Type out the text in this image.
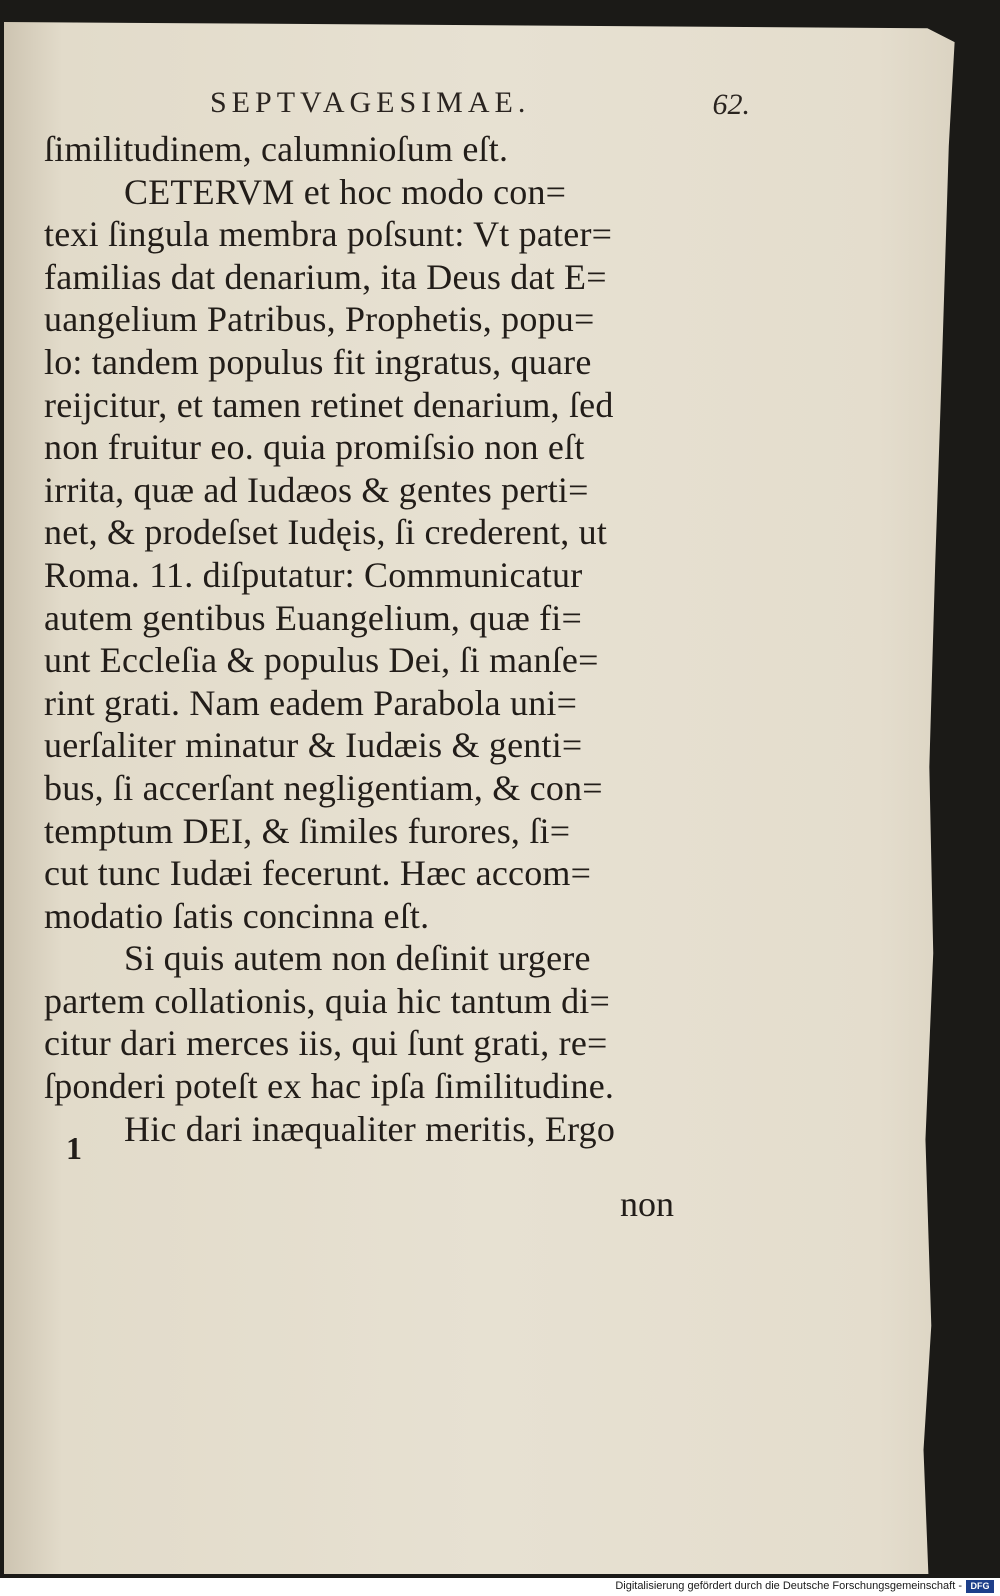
SEPTVAGESIMAE.	62.
ſimilitudinem, calumnioſum eſt.
CETERVM et hoc modo con=
texi ſingula membra poſsunt: Vt pater=
familias dat denarium, ita Deus dat E=
uangelium Patribus, Prophetis, popu=
lo: tandem populus fit ingratus, quare
reijcitur, et tamen retinet denarium, ſed
non fruitur eo. quia promiſsio non eſt
irrita, quæ ad Iudæos & gentes perti=
net, & prodeſset Iudęis, ſi crederent, ut
Roma. 11. diſputatur: Communicatur
autem gentibus Euangelium, quæ fi=
unt Eccleſia & populus Dei, ſi manſe=
rint grati. Nam eadem Parabola uni=
uerſaliter minatur & Iudæis & genti=
bus, ſi accerſant negligentiam, & con=
temptum DEI, & ſimiles furores, ſi=
cut tunc Iudæi fecerunt. Hæc accom=
modatio ſatis concinna eſt.
Si quis autem non deſinit urgere
partem collationis, quia hic tantum di=
citur dari merces iis, qui ſunt grati, re=
ſponderi poteſt ex hac ipſa ſimilitudine.
Hic dari inæqualiter meritis, Ergo
1
non
Digitalisierung gefördert durch die Deutsche Forschungsgemeinschaft - DFG
